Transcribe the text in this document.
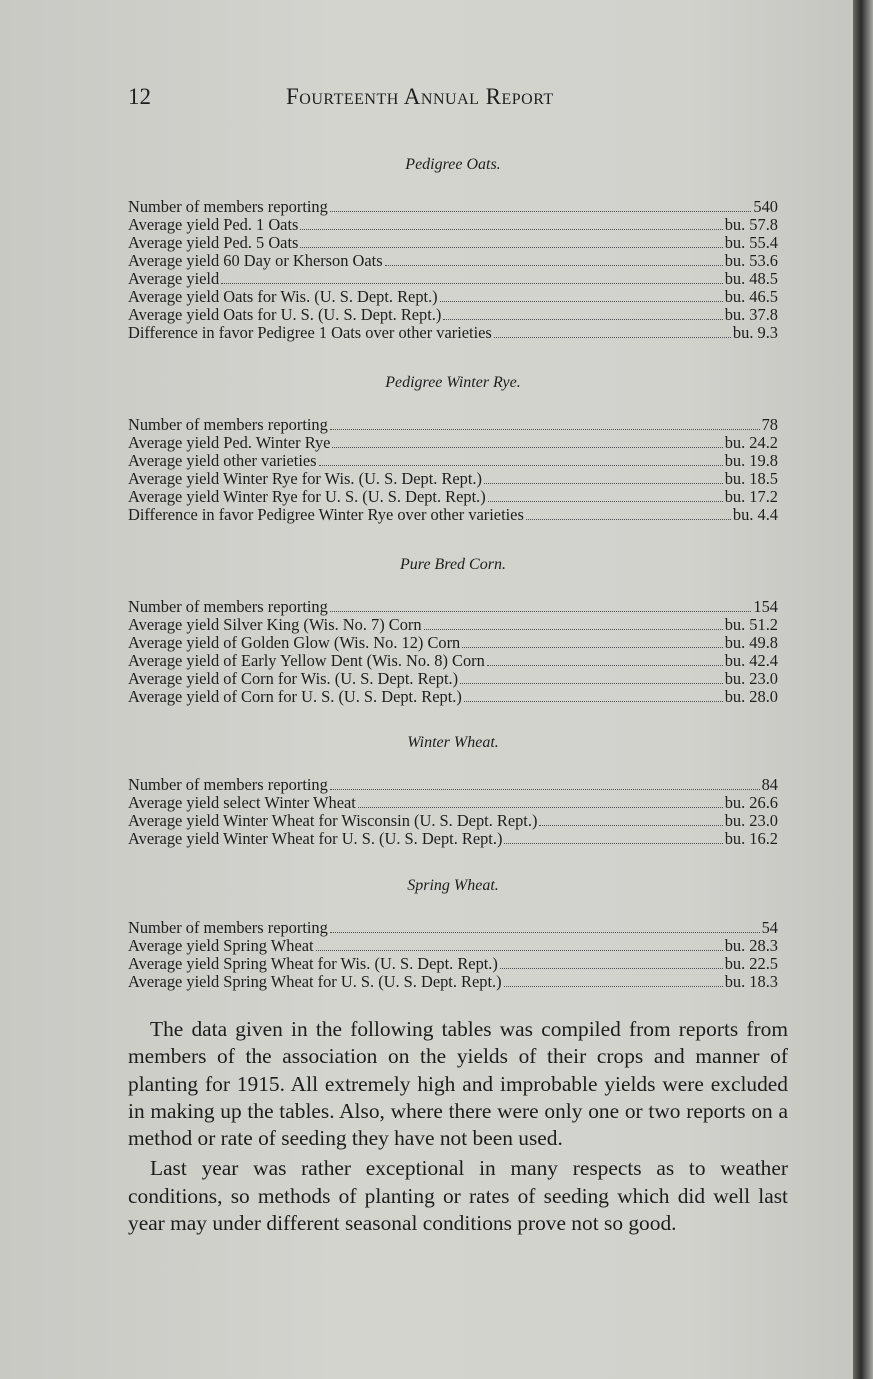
12	Fourteenth Annual Report
Pedigree Oats.
Number of members reporting	540
Average yield Ped. 1 Oats	bu. 57.8
Average yield Ped. 5 Oats	bu. 55.4
Average yield 60 Day or Kherson Oats	bu. 53.6
Average yield	bu. 48.5
Average yield Oats for Wis. (U. S. Dept. Rept.)	bu. 46.5
Average yield Oats for U. S. (U. S. Dept. Rept.)	bu. 37.8
Difference in favor Pedigree 1 Oats over other varieties	bu. 9.3
Pedigree Winter Rye.
Number of members reporting	78
Average yield Ped. Winter Rye	bu. 24.2
Average yield other varieties	bu. 19.8
Average yield Winter Rye for Wis. (U. S. Dept. Rept.)	bu. 18.5
Average yield Winter Rye for U. S. (U. S. Dept. Rept.)	bu. 17.2
Difference in favor Pedigree Winter Rye over other varieties	bu. 4.4
Pure Bred Corn.
Number of members reporting	154
Average yield Silver King (Wis. No. 7) Corn	bu. 51.2
Average yield of Golden Glow (Wis. No. 12) Corn	bu. 49.8
Average yield of Early Yellow Dent (Wis. No. 8) Corn	bu. 42.4
Average yield of Corn for Wis. (U. S. Dept. Rept.)	bu. 23.0
Average yield of Corn for U. S. (U. S. Dept. Rept.)	bu. 28.0
Winter Wheat.
Number of members reporting	84
Average yield select Winter Wheat	bu. 26.6
Average yield Winter Wheat for Wisconsin (U. S. Dept. Rept.)	bu. 23.0
Average yield Winter Wheat for U. S. (U. S. Dept. Rept.)	bu. 16.2
Spring Wheat.
Number of members reporting	54
Average yield Spring Wheat	bu. 28.3
Average yield Spring Wheat for Wis. (U. S. Dept. Rept.)	bu. 22.5
Average yield Spring Wheat for U. S. (U. S. Dept. Rept.)	bu. 18.3

The data given in the following tables was compiled from reports from members of the association on the yields of their crops and manner of planting for 1915. All extremely high and improbable yields were excluded in making up the tables. Also, where there were only one or two reports on a method or rate of seeding they have not been used.

Last year was rather exceptional in many respects as to weather conditions, so methods of planting or rates of seeding which did well last year may under different seasonal conditions prove not so good.
